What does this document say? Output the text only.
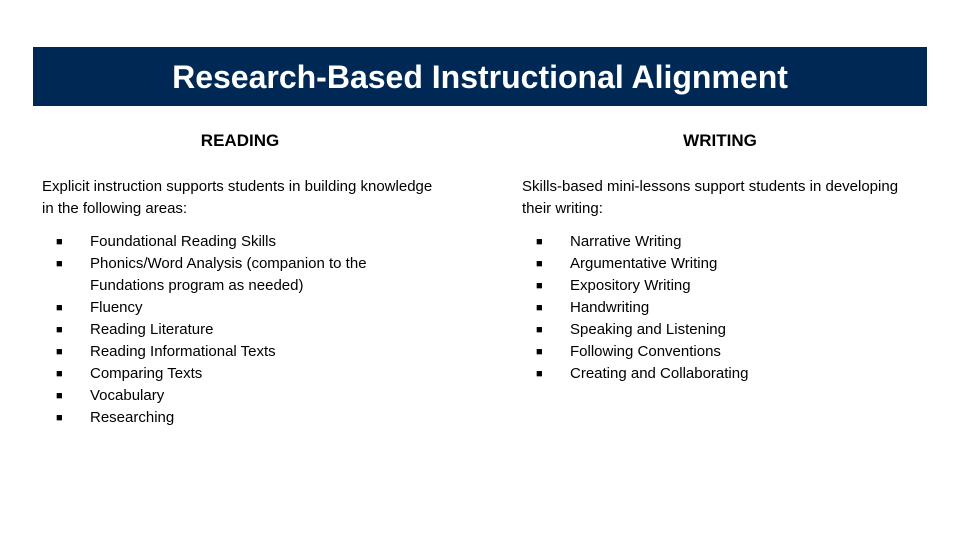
Research-Based Instructional Alignment
READING

Explicit instruction supports students in building knowledge in the following areas:

■ Foundational Reading Skills
■ Phonics/Word Analysis (companion to the Fundations program as needed)
■ Fluency
■ Reading Literature
■ Reading Informational Texts
■ Comparing Texts
■ Vocabulary
■ Researching
WRITING

Skills-based mini-lessons support students in developing their writing:

■ Narrative Writing
■ Argumentative Writing
■ Expository Writing
■ Handwriting
■ Speaking and Listening
■ Following Conventions
■ Creating and Collaborating
